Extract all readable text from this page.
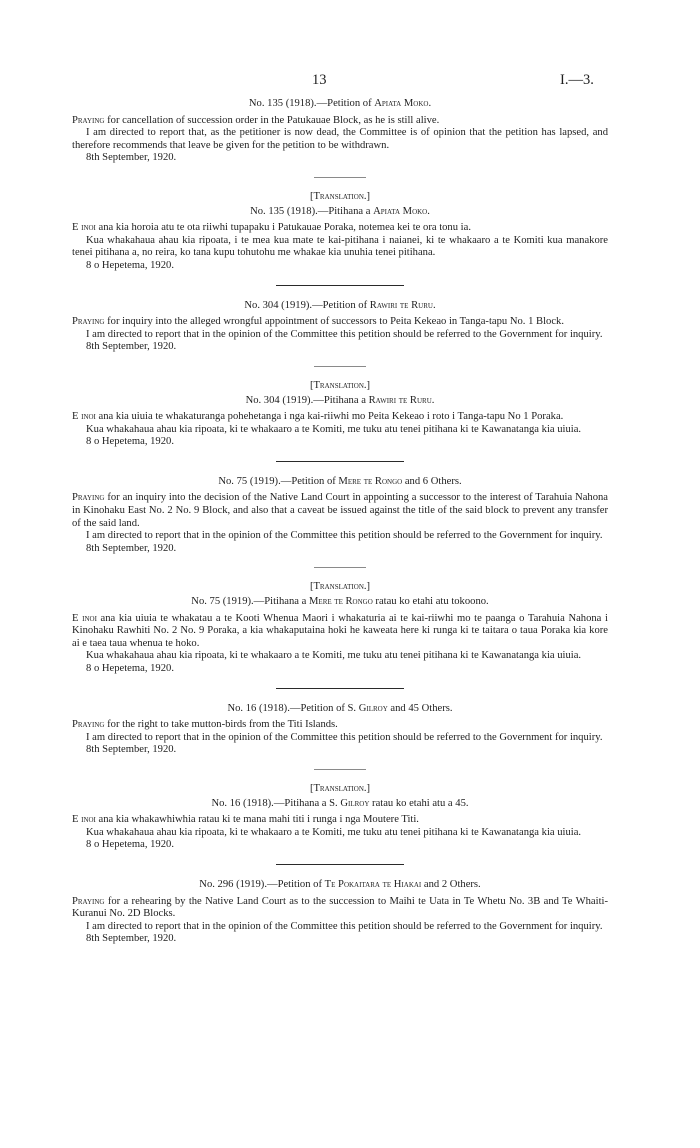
13	I.—3.
No. 135 (1918).—Petition of Apiata Moko.

Praying for cancellation of succession order in the Patukauae Block, as he is still alive.

I am directed to report that, as the petitioner is now dead, the Committee is of opinion that the petition has lapsed, and therefore recommends that leave be given for the petition to be withdrawn.

8th September, 1920.
[Translation.]
No. 135 (1918).—Pitihana a Apiata Moko.

E inoi ana kia horoia atu te ota riiwhi tupapaku i Patukauae Poraka, notemea kei te ora tonu ia.

Kua whakahaua ahau kia ripoata, i te mea kua mate te kai-pitihana i naianei, ki te whakaaro a te Komiti kua manakore tenei pitihana a, no reira, ko tana kupu tohutohu me whakae kia unuhia tenei pitihana.

8 o Hepetema, 1920.
No. 304 (1919).—Petition of Rawiri te Ruru.

Praying for inquiry into the alleged wrongful appointment of successors to Peita Kekeao in Tanga-tapu No. 1 Block.

I am directed to report that in the opinion of the Committee this petition should be referred to the Government for inquiry.

8th September, 1920.
[Translation.]
No. 304 (1919).—Pitihana a Rawiri te Ruru.

E inoi ana kia uiuia te whakaturanga pohehetanga i nga kai-riiwhi mo Peita Kekeao i roto i Tanga-tapu No 1 Poraka.

Kua whakahaua ahau kia ripoata, ki te whakaaro a te Komiti, me tuku atu tenei pitihana ki te Kawanatanga kia uiuia.

8 o Hepetema, 1920.
No. 75 (1919).—Petition of Mere te Rongo and 6 Others.

Praying for an inquiry into the decision of the Native Land Court in appointing a successor to the interest of Tarahuia Nahona in Kinohaku East No. 2 No. 9 Block, and also that a caveat be issued against the title of the said block to prevent any transfer of the said land.

I am directed to report that in the opinion of the Committee this petition should be referred to the Government for inquiry.

8th September, 1920.
[Translation.]
No. 75 (1919).—Pitihana a Mere te Rongo ratau ko etahi atu tokoono.

E inoi ana kia uiuia te whakatau a te Kooti Whenua Maori i whakaturia ai te kai-riiwhi mo te paanga o Tarahuia Nahona i Kinohaku Rawhiti No. 2 No. 9 Poraka, a kia whakaputaina hoki he kaweata here ki runga ki te taitara o taua Poraka kia kore ai e taea taua whenua te hoko.

Kua whakahaua ahau kia ripoata, ki te whakaaro a te Komiti, me tuku atu tenei pitihana ki te Kawanatanga kia uiuia.

8 o Hepetema, 1920.
No. 16 (1918).—Petition of S. Gilroy and 45 Others.

Praying for the right to take mutton-birds from the Titi Islands.

I am directed to report that in the opinion of the Committee this petition should be referred to the Government for inquiry.

8th September, 1920.
[Translation.]
No. 16 (1918).—Pitihana a S. Gilroy ratau ko etahi atu a 45.

E inoi ana kia whakawhiwhia ratau ki te mana mahi titi i runga i nga Moutere Titi.

Kua whakahaua ahau kia ripoata, ki te whakaaro a te Komiti, me tuku atu tenei pitihana ki te Kawanatanga kia uiuia.

8 o Hepetema, 1920.
No. 296 (1919).—Petition of Te Pokaitara te Hiakai and 2 Others.

Praying for a rehearing by the Native Land Court as to the succession to Maihi te Uata in Te Whetu No. 3B and Te Whaiti-Kuranui No. 2D Blocks.

I am directed to report that in the opinion of the Committee this petition should be referred to the Government for inquiry.

8th September, 1920.
